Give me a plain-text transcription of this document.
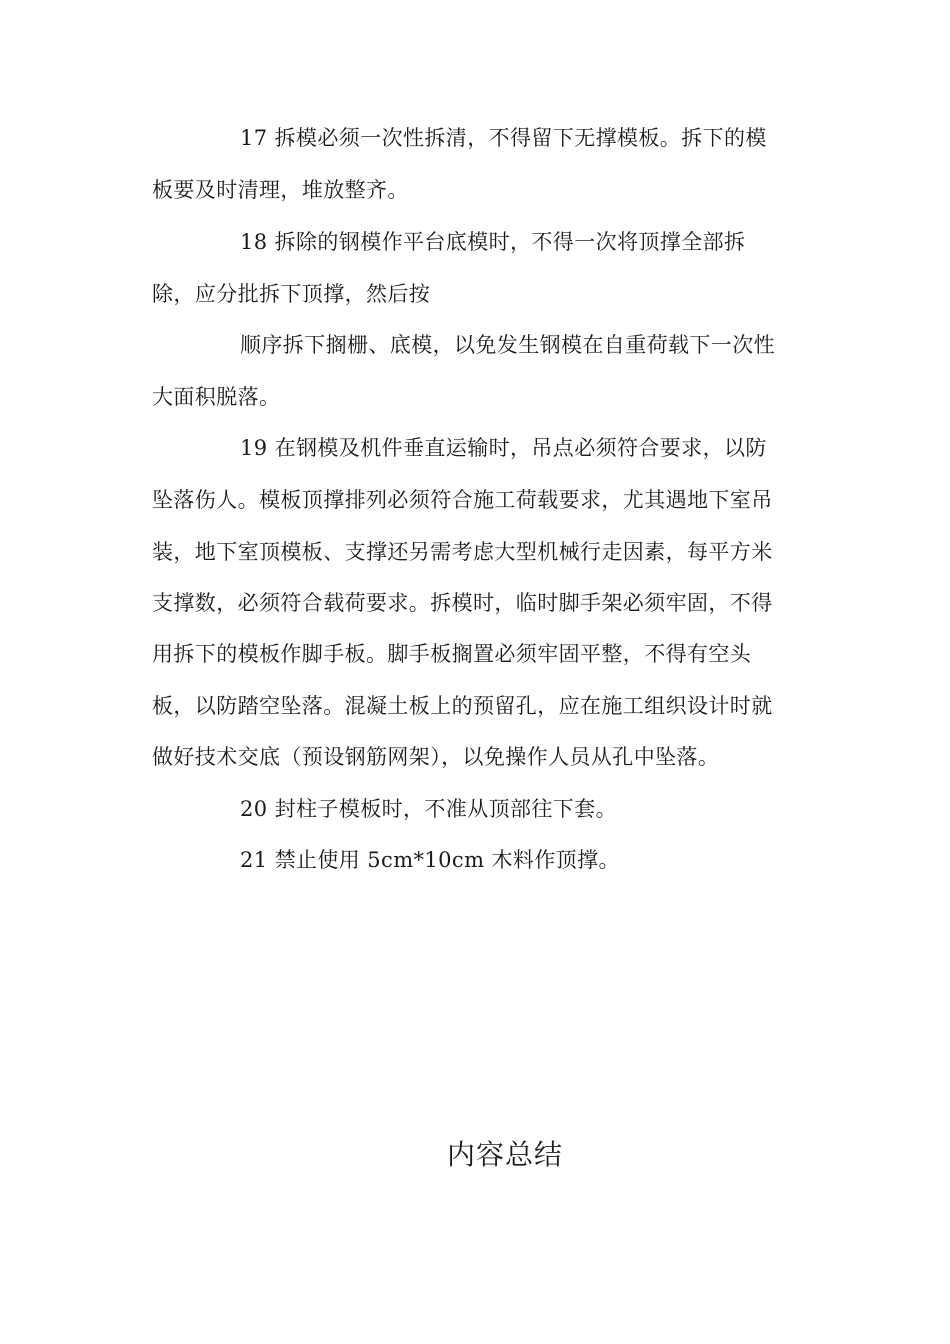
17 拆模必须一次性拆清，不得留下无撑模板。拆下的模
板要及时清理，堆放整齐。
18 拆除的钢模作平台底模时，不得一次将顶撑全部拆
除，应分批拆下顶撑，然后按
顺序拆下搁栅、底模，以免发生钢模在自重荷载下一次性
大面积脱落。
19 在钢模及机件垂直运输时，吊点必须符合要求，以防
坠落伤人。模板顶撑排列必须符合施工荷载要求，尤其遇地下室吊
装，地下室顶模板、支撑还另需考虑大型机械行走因素，每平方米
支撑数，必须符合载荷要求。拆模时，临时脚手架必须牢固，不得
用拆下的模板作脚手板。脚手板搁置必须牢固平整，不得有空头
板，以防踏空坠落。混凝土板上的预留孔，应在施工组织设计时就
做好技术交底（预设钢筋网架），以免操作人员从孔中坠落。
20 封柱子模板时，不准从顶部往下套。
21 禁止使用 5cm*10cm 木料作顶撑。
内容总结
